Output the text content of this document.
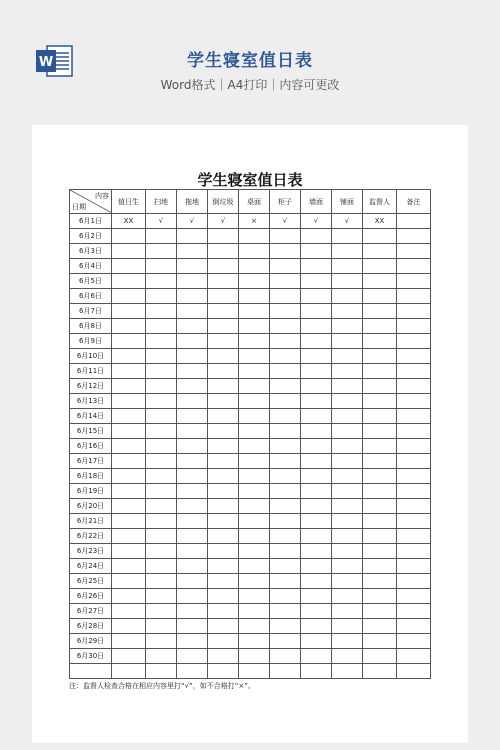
W	学生寝室值日表
Word格式｜A4打印｜内容可更改
学生寝室值日表
内容
日期	值日生	扫地	拖地	倒垃圾	桌面	柜子	墙面	铺面	监督人	备注
6月1日	XX	√	√	√	×	√	√	√	XX	
6月2日										
6月3日										
6月4日										
6月5日										
6月6日										
6月7日										
6月8日										
6月9日										
6月10日										
6月11日										
6月12日										
6月13日										
6月14日										
6月15日										
6月16日										
6月17日										
6月18日										
6月19日										
6月20日										
6月21日										
6月22日										
6月23日										
6月24日										
6月25日										
6月26日										
6月27日										
6月28日										
6月29日										
6月30日										

注：监督人检查合格在相应内容里打“√”，如不合格打“×”。
